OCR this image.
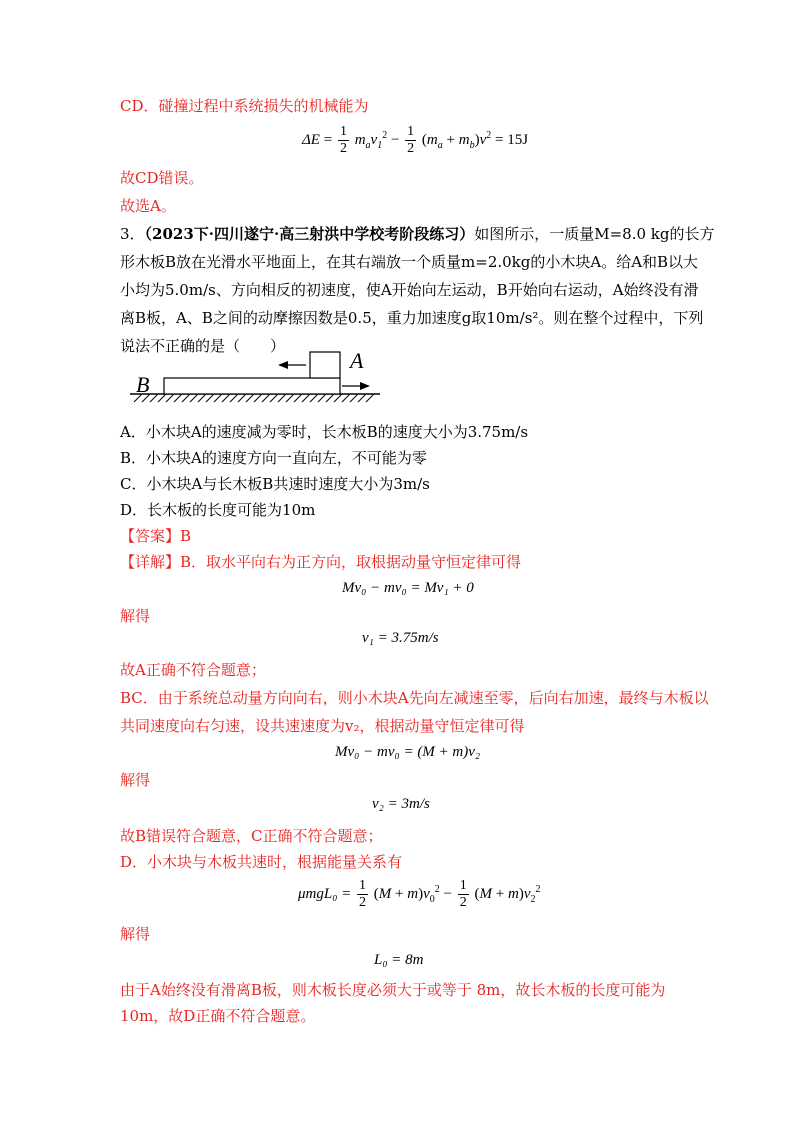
CD．碰撞过程中系统损失的机械能为
$\Delta E = \frac{1}{2} m_av_1^2 - \frac{1}{2} (m_a + m_b)v^2 = 15J$
故CD错误。
故选A。
3．（2023下·四川遂宁·高三射洪中学校考阶段练习）如图所示，一质量M=8.0 kg的长方
形木板B放在光滑水平地面上，在其右端放一个质量m=2.0kg的小木块A。给A和B以大
小均为5.0m/s、方向相反的初速度，使A开始向左运动，B开始向右运动，A始终没有滑
离B板，A、B之间的动摩擦因数是0.5，重力加速度g取10m/s²。则在整个过程中，下列
说法不正确的是（　　）
A
B
A．小木块A的速度减为零时，长木板B的速度大小为3.75m/s
B．小木块A的速度方向一直向左，不可能为零
C．小木块A与长木板B共速时速度大小为3m/s
D．长木板的长度可能为10m
【答案】B
【详解】B．取水平向右为正方向，取根据动量守恒定律可得
Mv₀ − mv₀ = Mv₁ + 0
解得
v₁ = 3.75m/s
故A正确不符合题意；
BC．由于系统总动量方向向右，则小木块A先向左减速至零，后向右加速，最终与木板以
共同速度向右匀速，设共速速度为v₂，根据动量守恒定律可得
Mv₀ − mv₀ = (M + m)v₂
解得
v₂ = 3m/s
故B错误符合题意，C正确不符合题意；
D．小木块与木板共速时，根据能量关系有
$\mu mgL_0 = \frac{1}{2} (M + m)v_0^2 - \frac{1}{2} (M + m)v_2^2$
解得
L₀ = 8m
由于A始终没有滑离B板，则木板长度必须大于或等于 8m，故长木板的长度可能为
10m，故D正确不符合题意。
